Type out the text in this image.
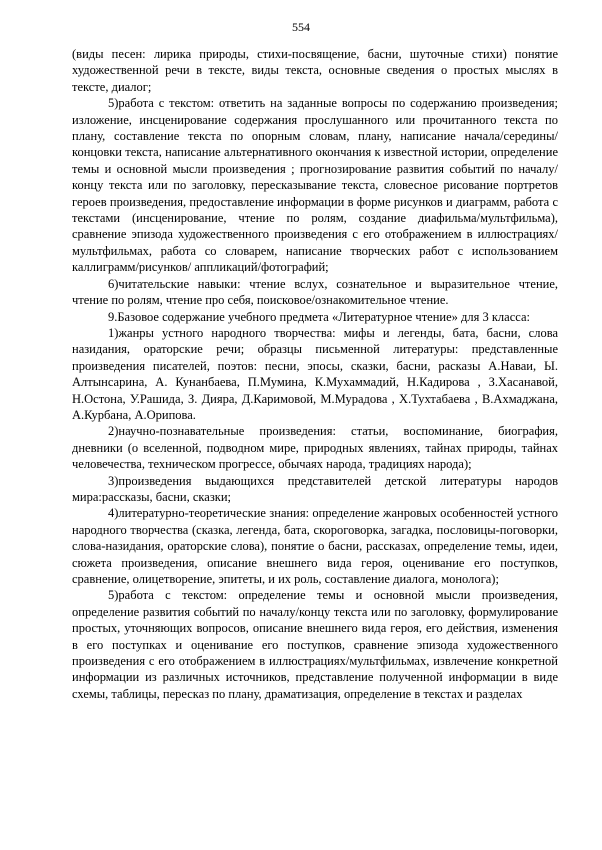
554

(виды песен: лирика природы, стихи-посвящение, басни, шуточные стихи) понятие художественной речи в тексте, виды текста, основные сведения о простых мыслях в тексте, диалог;

5)работа с текстом: ответить на заданные вопросы по содержанию произведения; изложение, инсценирование содержания прослушанного или прочитанного текста по плану, составление текста по опорным словам, плану, написание начала/середины/концовки текста, написание альтернативного окончания к известной истории, определение темы и основной мысли произведения ; прогнозирование развития событий по началу/концу текста или по заголовку, пересказывание текста, словесное рисование портретов героев произведения, предоставление информации в форме рисунков и диаграмм, работа с текстами (инсценирование, чтение по ролям, создание диафильма/мультфильма), сравнение эпизода художественного произведения с его отображением в иллюстрациях/мультфильмах, работа со словарем, написание творческих работ с использованием каллиграмм/рисунков/ аппликаций/фотографий;

6)читательские навыки: чтение вслух, сознательное и выразительное чтение, чтение по ролям, чтение про себя, поисковое/ознакомительное чтение.

9.Базовое содержание учебного предмета «Литературное чтение» для 3 класса:

1)жанры устного народного творчества: мифы и легенды, бата, басни, слова назидания, ораторские речи; образцы письменной литературы: представленные произведения писателей, поэтов: песни, эпосы, сказки, басни, расказы А.Наваи, Ы. Алтынсарина, А. Кунанбаева, П.Мумина, К.Мухаммадий, Н.Кадирова , З.Хасанавой, Н.Остона, У.Рашида, З. Дияра, Д.Каримовой, М.Мурадова , Х.Тухтабаева , В.Ахмаджана, А.Курбана, А.Орипова.

2)научно-познавательные произведения: статьи, воспоминание, биография, дневники (о вселенной, подводном мире, природных явлениях, тайнах природы, тайнах человечества, техническом прогрессе, обычаях народа, традициях народа);

3)произведения выдающихся представителей детской литературы народов мира:рассказы, басни, сказки;

4)литературно-теоретические знания: определение жанровых особенностей устного народного творчества (сказка, легенда, бата, скороговорка, загадка, пословицы-поговорки, слова-назидания, ораторские слова), понятие о басни, рассказах, определение темы, идеи, сюжета произведения, описание внешнего вида героя, оценивание его поступков, сравнение, олицетворение, эпитеты, и их роль, составление диалога, монолога);

5)работа с текстом: определение темы и основной мысли произведения, определение развития событий по началу/концу текста или по заголовку, формулирование простых, уточняющих вопросов, описание внешнего вида героя, его действия, изменения в его поступках и оценивание его поступков, сравнение эпизода художественного произведения с его отображением в иллюстрациях/мультфильмах, извлечение конкретной информации из различных источников, представление полученной информации в виде схемы, таблицы, пересказ по плану, драматизация, определение в текстах и разделах
